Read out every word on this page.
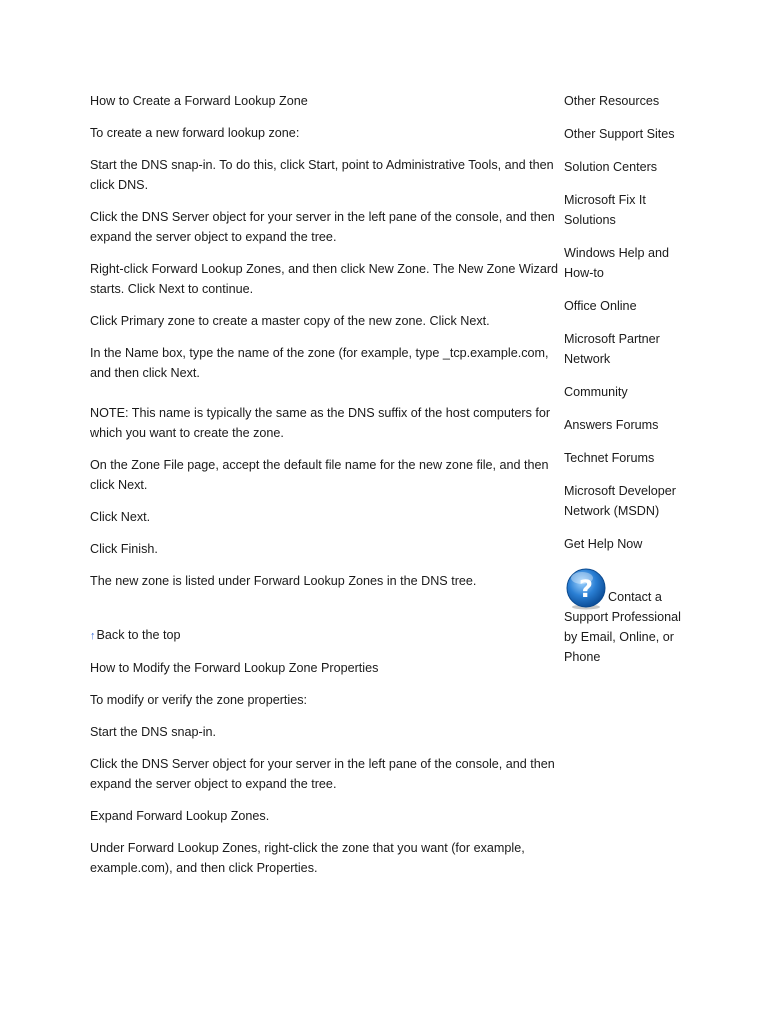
How to Create a Forward Lookup Zone

To create a new forward lookup zone:

Start the DNS snap-in. To do this, click Start, point to Administrative Tools, and then click DNS.

Click the DNS Server object for your server in the left pane of the console, and then expand the server object to expand the tree.

Right-click Forward Lookup Zones, and then click New Zone. The New Zone Wizard starts. Click Next to continue.

Click Primary zone to create a master copy of the new zone. Click Next.

In the Name box, type the name of the zone (for example, type _tcp.example.com, and then click Next.

NOTE: This name is typically the same as the DNS suffix of the host computers for which you want to create the zone.

On the Zone File page, accept the default file name for the new zone file, and then click Next.

Click Next.

Click Finish.

The new zone is listed under Forward Lookup Zones in the DNS tree.

↑Back to the top

How to Modify the Forward Lookup Zone Properties

To modify or verify the zone properties:

Start the DNS snap-in.

Click the DNS Server object for your server in the left pane of the console, and then expand the server object to expand the tree.

Expand Forward Lookup Zones.

Under Forward Lookup Zones, right-click the zone that you want (for example, example.com), and then click Properties.

Other Resources
Other Support Sites
Solution Centers
Microsoft Fix It Solutions
Windows Help and How-to
Office Online
Microsoft Partner Network
Community
Answers Forums
Technet Forums
Microsoft Developer Network (MSDN)
Get Help Now
? Contact a Support Professional by Email, Online, or Phone
